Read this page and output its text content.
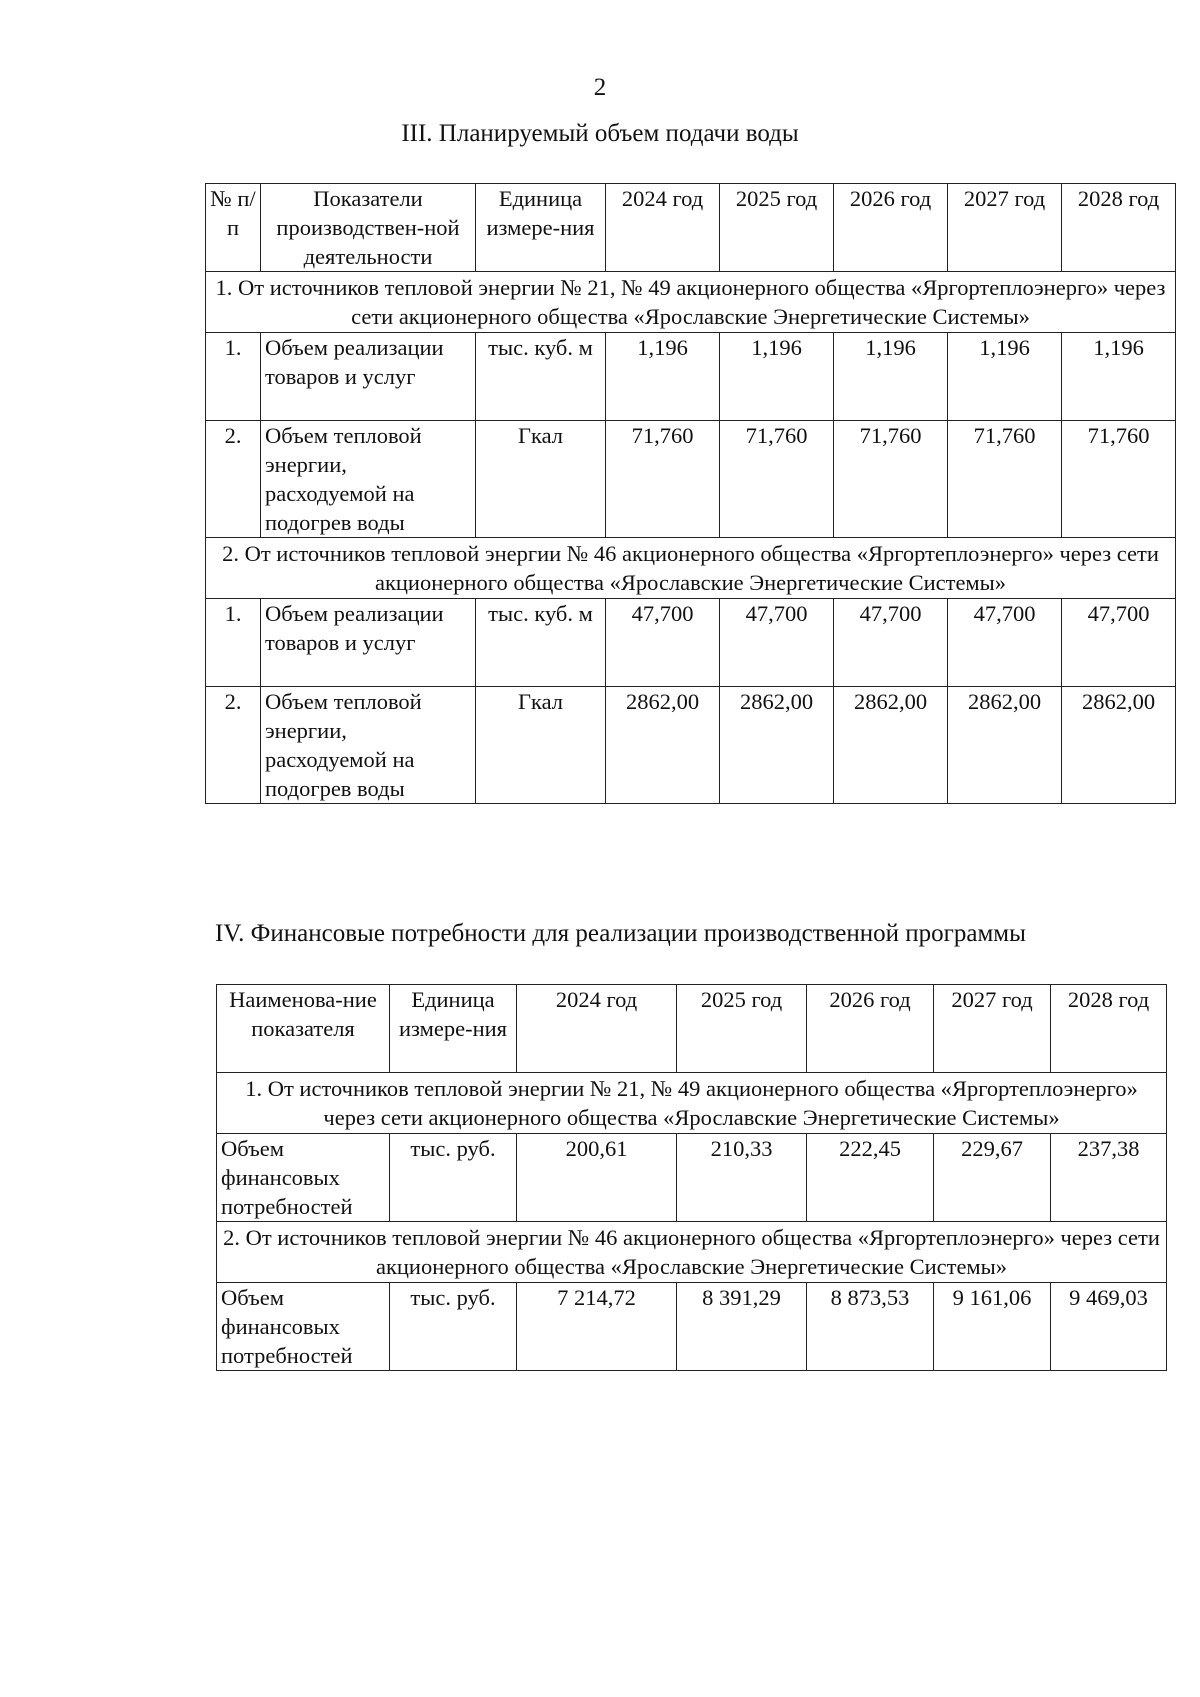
2
III. Планируемый объем подачи воды
№ п/п	Показатели производствен-ной деятельности	Единица измере-ния	2024 год	2025 год	2026 год	2027 год	2028 год
1. От источников тепловой энергии № 21, № 49 акционерного общества «Яргортеплоэнерго» через сети акционерного общества «Ярославские Энергетические Системы»							
1.	Объем реализации товаров и услуг	тыс. куб. м	1,196	1,196	1,196	1,196	1,196
2.	Объем тепловой энергии, расходуемой на подогрев воды	Гкал	71,760	71,760	71,760	71,760	71,760
2. От источников тепловой энергии № 46 акционерного общества «Яргортеплоэнерго» через сети акционерного общества «Ярославские Энергетические Системы»							
1.	Объем реализации товаров и услуг	тыс. куб. м	47,700	47,700	47,700	47,700	47,700
2.	Объем тепловой энергии, расходуемой на подогрев воды	Гкал	2862,00	2862,00	2862,00	2862,00	2862,00
IV. Финансовые потребности для реализации производственной программы
Наименова-ние показателя	Единица измере-ния	2024 год	2025 год	2026 год	2027 год	2028 год
1. От источников тепловой энергии № 21, № 49 акционерного общества «Яргортеплоэнерго» через сети акционерного общества «Ярославские Энергетические Системы»						
Объем финансовых потребностей	тыс. руб.	200,61	210,33	222,45	229,67	237,38
2. От источников тепловой энергии № 46 акционерного общества «Яргортеплоэнерго» через сети акционерного общества «Ярославские Энергетические Системы»						
Объем финансовых потребностей	тыс. руб.	7 214,72	8 391,29	8 873,53	9 161,06	9 469,03
